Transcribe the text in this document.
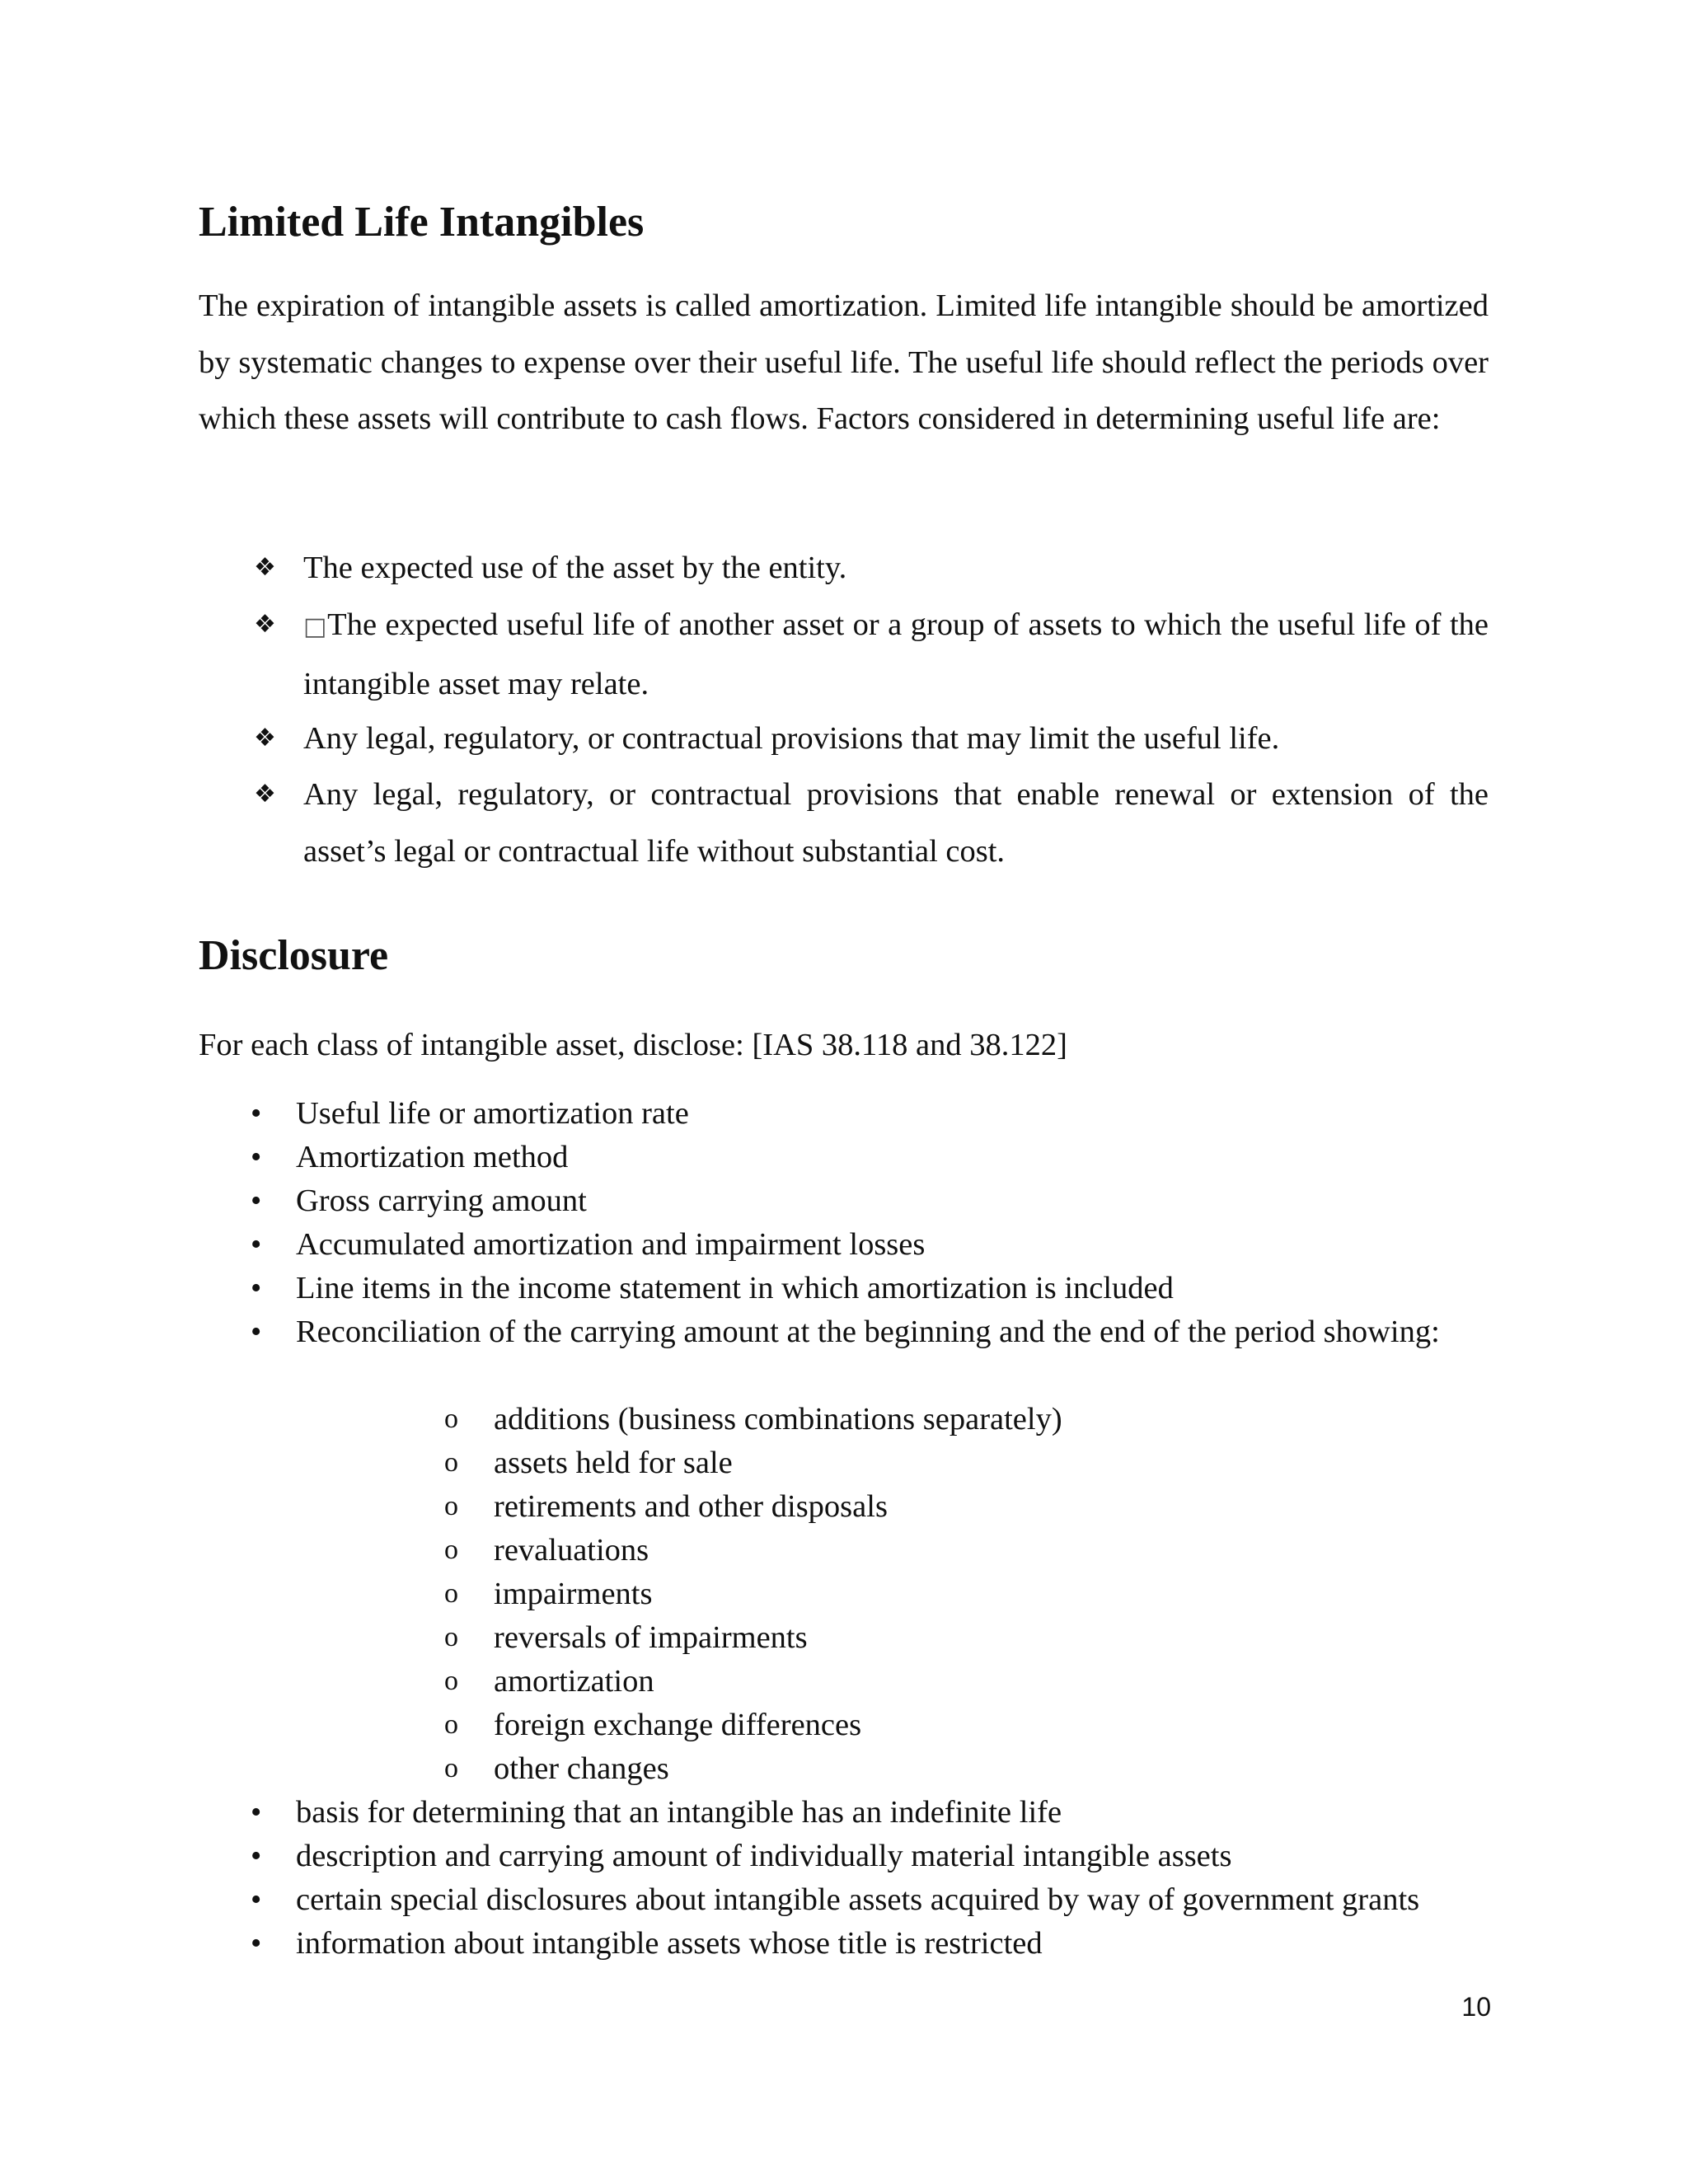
Limited Life Intangibles

The expiration of intangible assets is called amortization. Limited life intangible should be amortized by systematic changes to expense over their useful life. The useful life should reflect the periods over which these assets will contribute to cash flows. Factors considered in determining useful life are:

❖ The expected use of the asset by the entity.
❖ □The expected useful life of another asset or a group of assets to which the useful life of the intangible asset may relate.
❖ Any legal, regulatory, or contractual provisions that may limit the useful life.
❖ Any legal, regulatory, or contractual provisions that enable renewal or extension of the asset’s legal or contractual life without substantial cost.
Disclosure

For each class of intangible asset, disclose: [IAS 38.118 and 38.122]

• Useful life or amortization rate
• Amortization method
• Gross carrying amount
• Accumulated amortization and impairment losses
• Line items in the income statement in which amortization is included
• Reconciliation of the carrying amount at the beginning and the end of the period showing:
o additions (business combinations separately)
o assets held for sale
o retirements and other disposals
o revaluations
o impairments
o reversals of impairments
o amortization
o foreign exchange differences
o other changes
• basis for determining that an intangible has an indefinite life
• description and carrying amount of individually material intangible assets
• certain special disclosures about intangible assets acquired by way of government grants
• information about intangible assets whose title is restricted
10
